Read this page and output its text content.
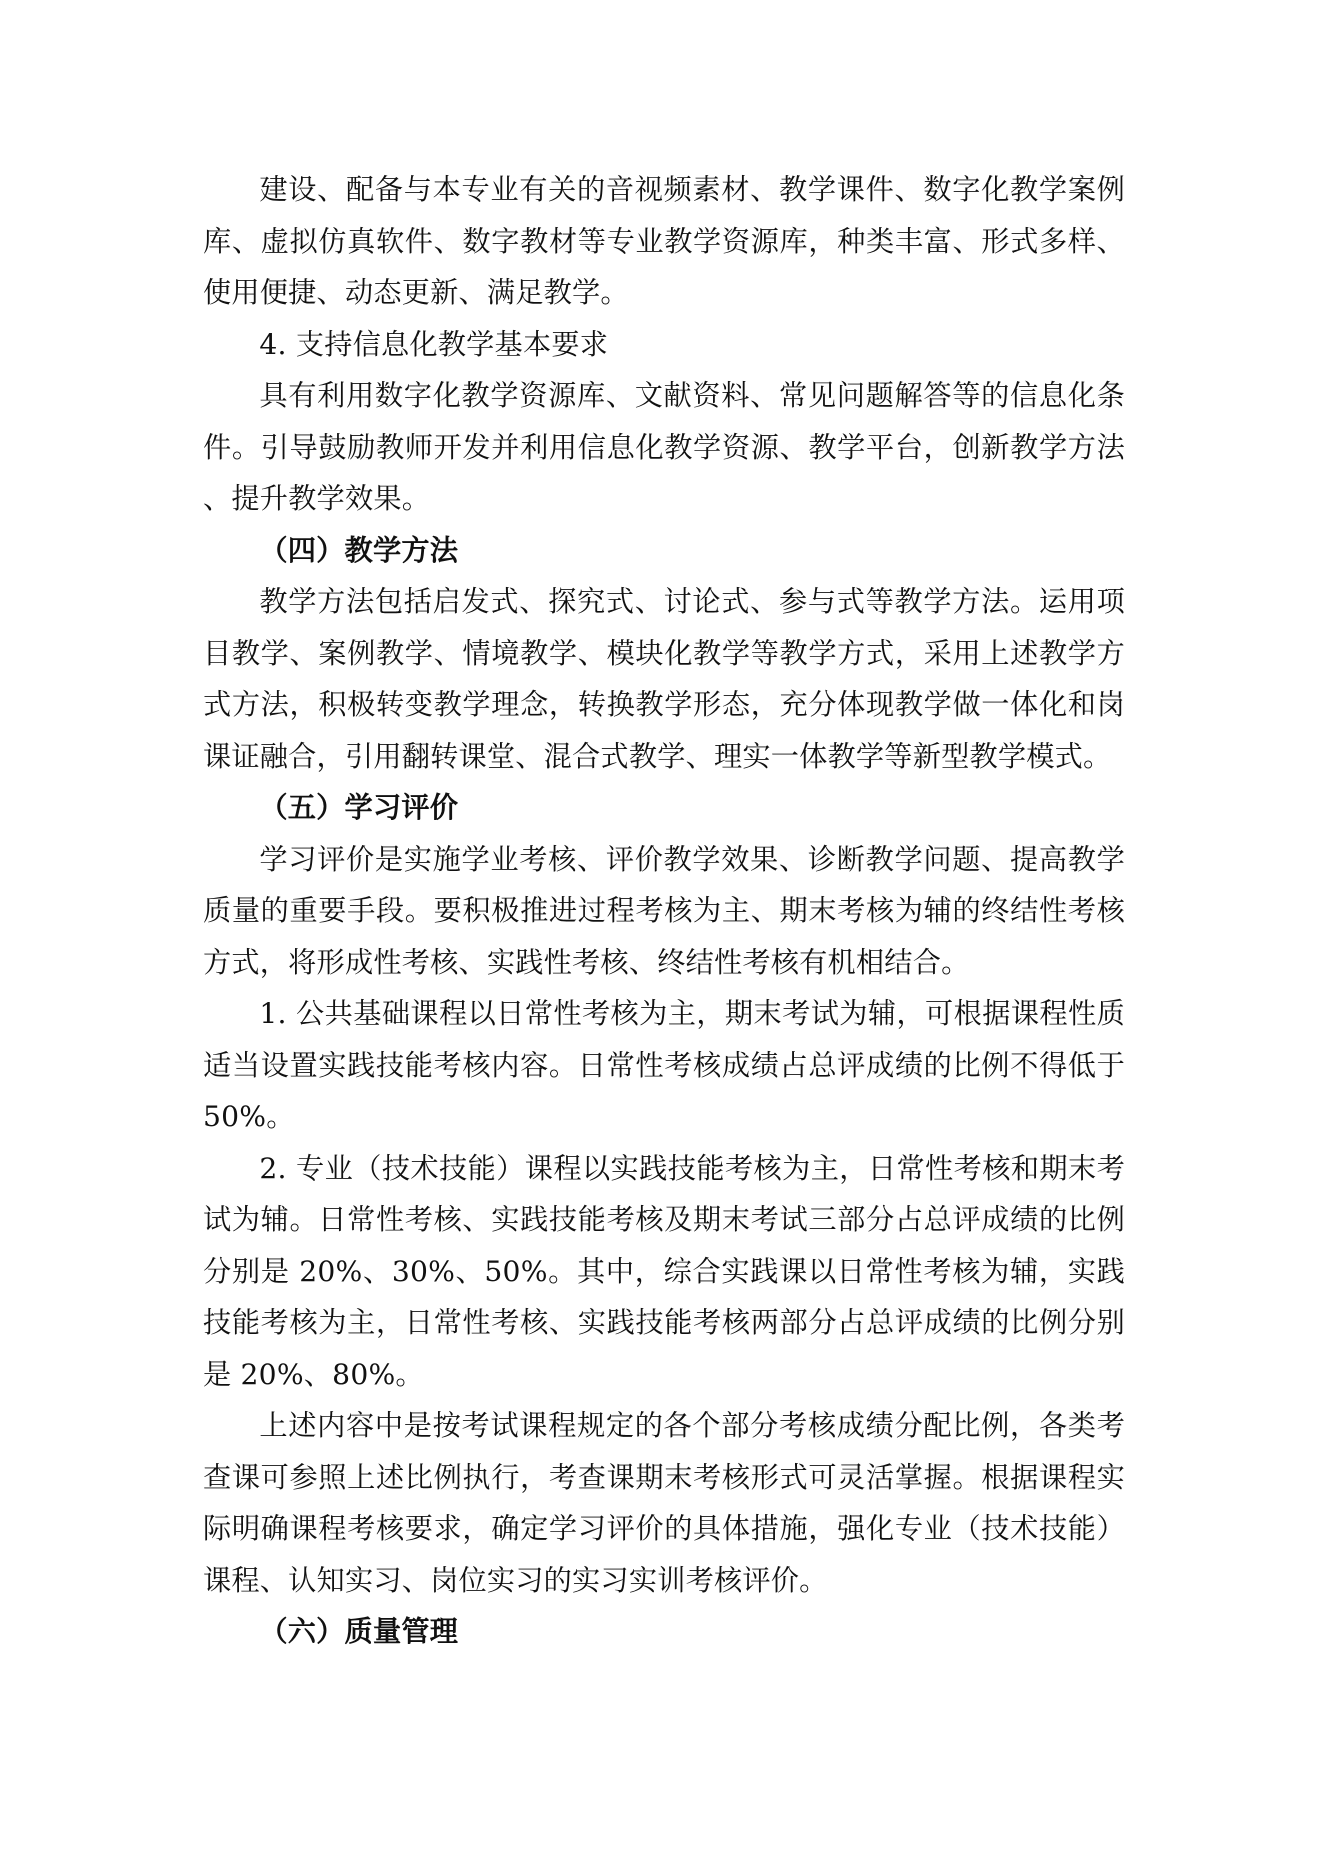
建设、配备与本专业有关的音视频素材、教学课件、数字化教学案例库、虚拟仿真软件、数字教材等专业教学资源库，种类丰富、形式多样、使用便捷、动态更新、满足教学。

4. 支持信息化教学基本要求

具有利用数字化教学资源库、文献资料、常见问题解答等的信息化条件。引导鼓励教师开发并利用信息化教学资源、教学平台，创新教学方法、提升教学效果。

（四）教学方法

教学方法包括启发式、探究式、讨论式、参与式等教学方法。运用项目教学、案例教学、情境教学、模块化教学等教学方式，采用上述教学方式方法，积极转变教学理念，转换教学形态，充分体现教学做一体化和岗课证融合，引用翻转课堂、混合式教学、理实一体教学等新型教学模式。

（五）学习评价

学习评价是实施学业考核、评价教学效果、诊断教学问题、提高教学质量的重要手段。要积极推进过程考核为主、期末考核为辅的终结性考核方式，将形成性考核、实践性考核、终结性考核有机相结合。

1. 公共基础课程以日常性考核为主，期末考试为辅，可根据课程性质适当设置实践技能考核内容。日常性考核成绩占总评成绩的比例不得低于 50%。

2. 专业（技术技能）课程以实践技能考核为主，日常性考核和期末考试为辅。日常性考核、实践技能考核及期末考试三部分占总评成绩的比例分别是 20%、30%、50%。其中，综合实践课以日常性考核为辅，实践技能考核为主，日常性考核、实践技能考核两部分占总评成绩的比例分别是 20%、80%。

上述内容中是按考试课程规定的各个部分考核成绩分配比例，各类考查课可参照上述比例执行，考查课期末考核形式可灵活掌握。根据课程实际明确课程考核要求，确定学习评价的具体措施，强化专业（技术技能）课程、认知实习、岗位实习的实习实训考核评价。

（六）质量管理
